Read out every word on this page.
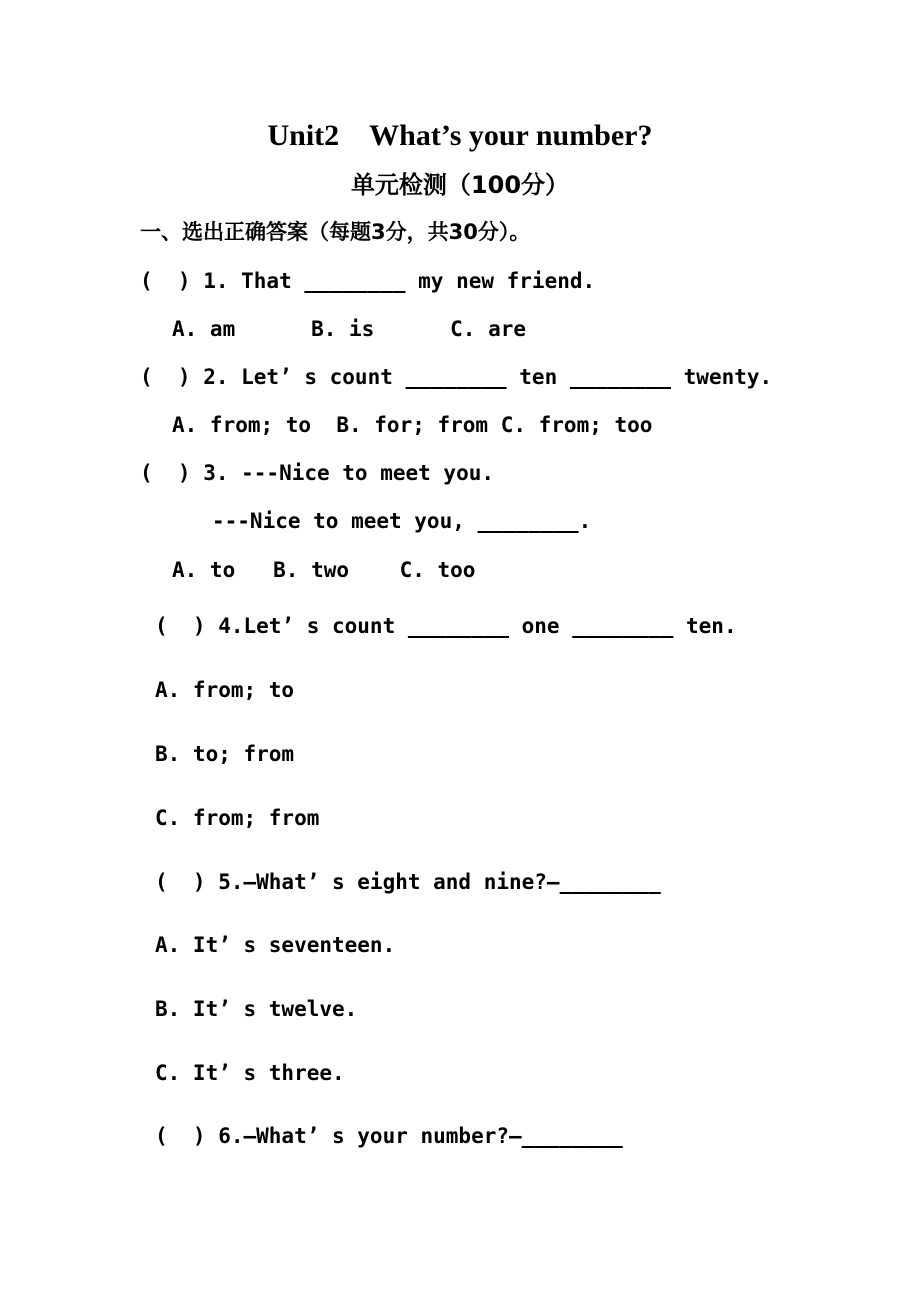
Unit2　What’s your number?
单元检测（100分）
一、选出正确答案（每题3分，共30分）。
(  ) 1. That ________ my new friend.
A. am      B. is      C. are
(  ) 2. Let’ s count ________ ten ________ twenty.
A. from; to  B. for; from C. from; too
(  ) 3. ---Nice to meet you.
---Nice to meet you, ________.
A. to   B. two    C. too
(  ) 4.Let’ s count ________ one ________ ten.
A. from; to
B. to; from
C. from; from
(  ) 5.—What’ s eight and nine?—________
A. It’ s seventeen.
B. It’ s twelve.
C. It’ s three.
(  ) 6.—What’ s your number?—________
